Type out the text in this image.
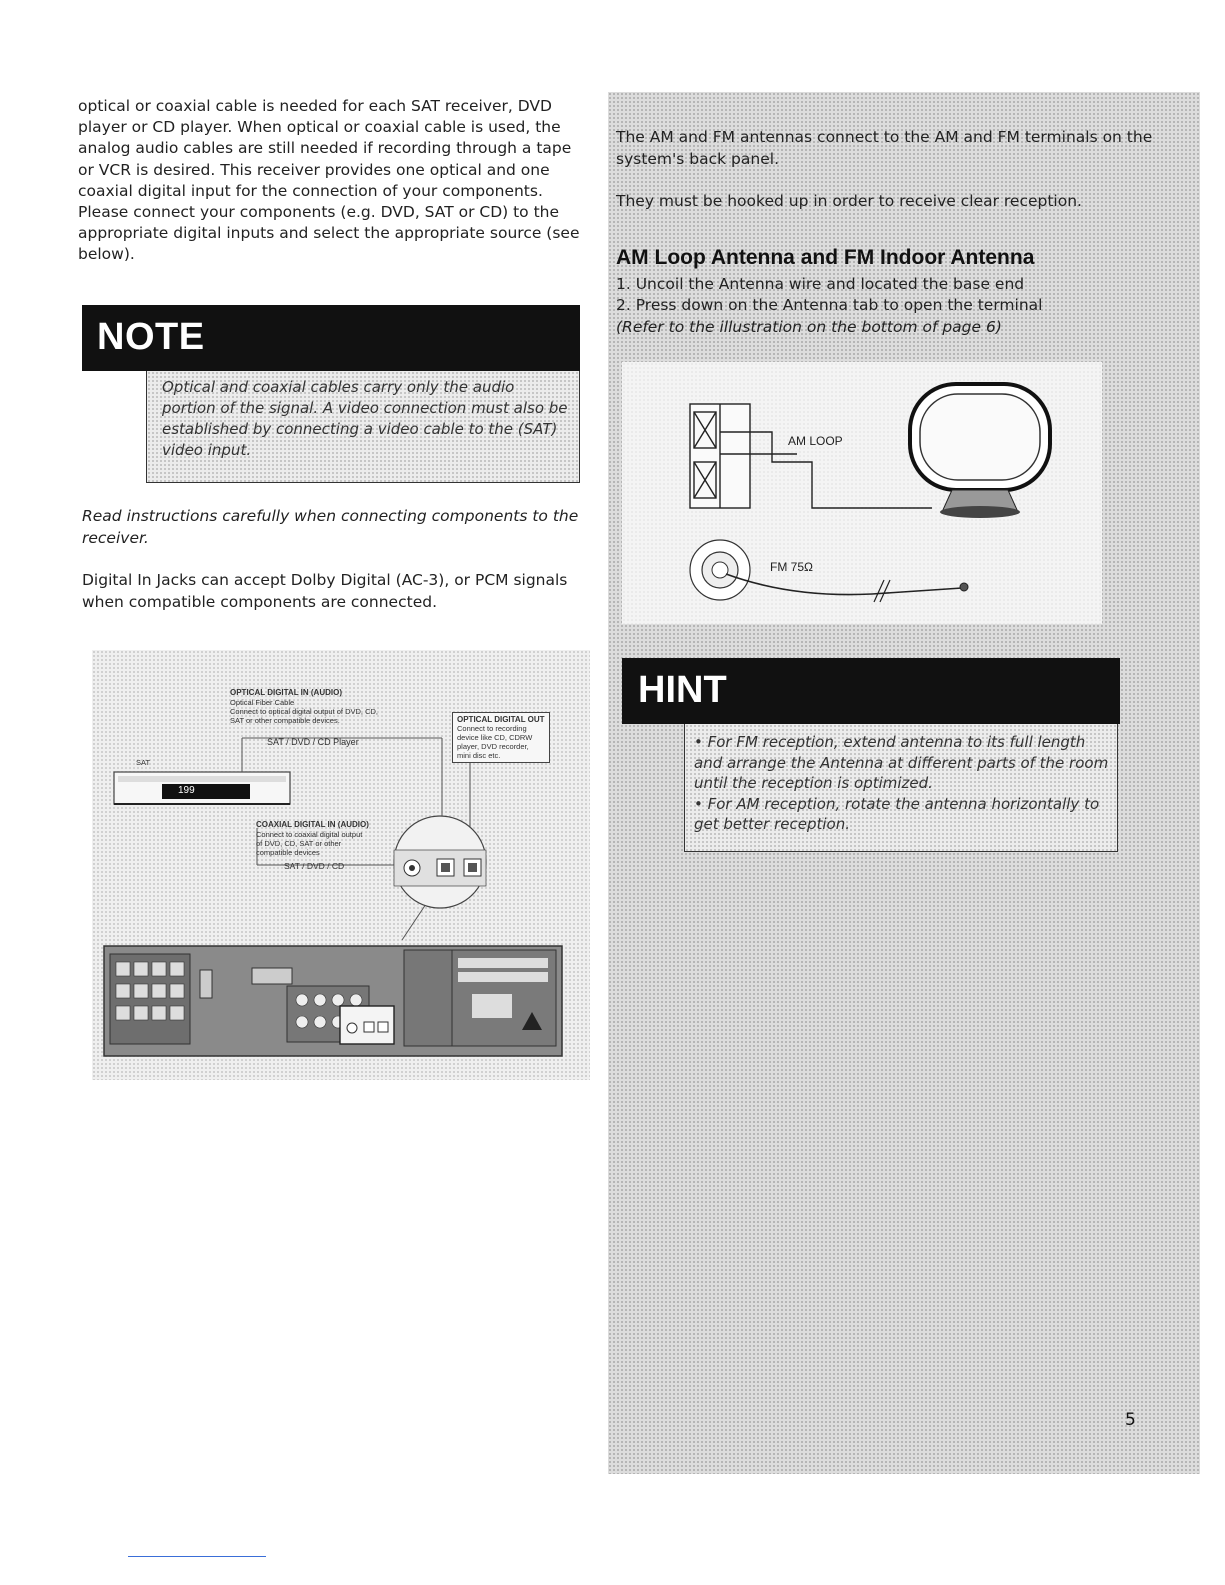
optical or coaxial cable is needed for each SAT receiver, DVD player or CD player. When optical or coaxial cable is used, the analog audio cables are still needed if recording through a tape or VCR is desired. This receiver provides one optical and one coaxial digital input for the connection of your components. Please connect your components (e.g. DVD, SAT or CD) to the appropriate digital inputs and select the appropriate source (see below).

NOTE

Optical and coaxial cables carry only the audio portion of the signal. A video connection must also be established by connecting a video cable to the (SAT) video input.

Read instructions carefully when connecting components to the receiver.

Digital In Jacks can accept Dolby Digital (AC-3), or PCM signals when compatible components are connected.

OPTICAL DIGITAL IN (AUDIO)
Optical Fiber Cable
Connect to optical digital output of DVD, CD,
SAT or other compatible devices.
SAT / DVD / CD Player
OPTICAL DIGITAL OUT
Connect to recording
device like CD, CDRW
player, DVD recorder,
mini disc etc.
SAT
199
COAXIAL DIGITAL IN (AUDIO)
Connect to coaxial digital output
of DVD, CD, SAT or other
compatible devices
SAT / DVD / CD

The AM and FM antennas connect to the AM and FM terminals on the system's back panel.

They must be hooked up in order to receive clear reception.

AM Loop Antenna and FM Indoor Antenna
1. Uncoil the Antenna wire and located the base end
2. Press down on the Antenna tab to open the terminal

(Refer to the illustration on the bottom of page 6)

AM LOOP

FM 75Ω

HINT

• For FM reception, extend antenna to its full length and arrange the Antenna at different parts of the room until the reception is optimized.
• For AM reception, rotate the antenna horizontally to get better reception.

5
